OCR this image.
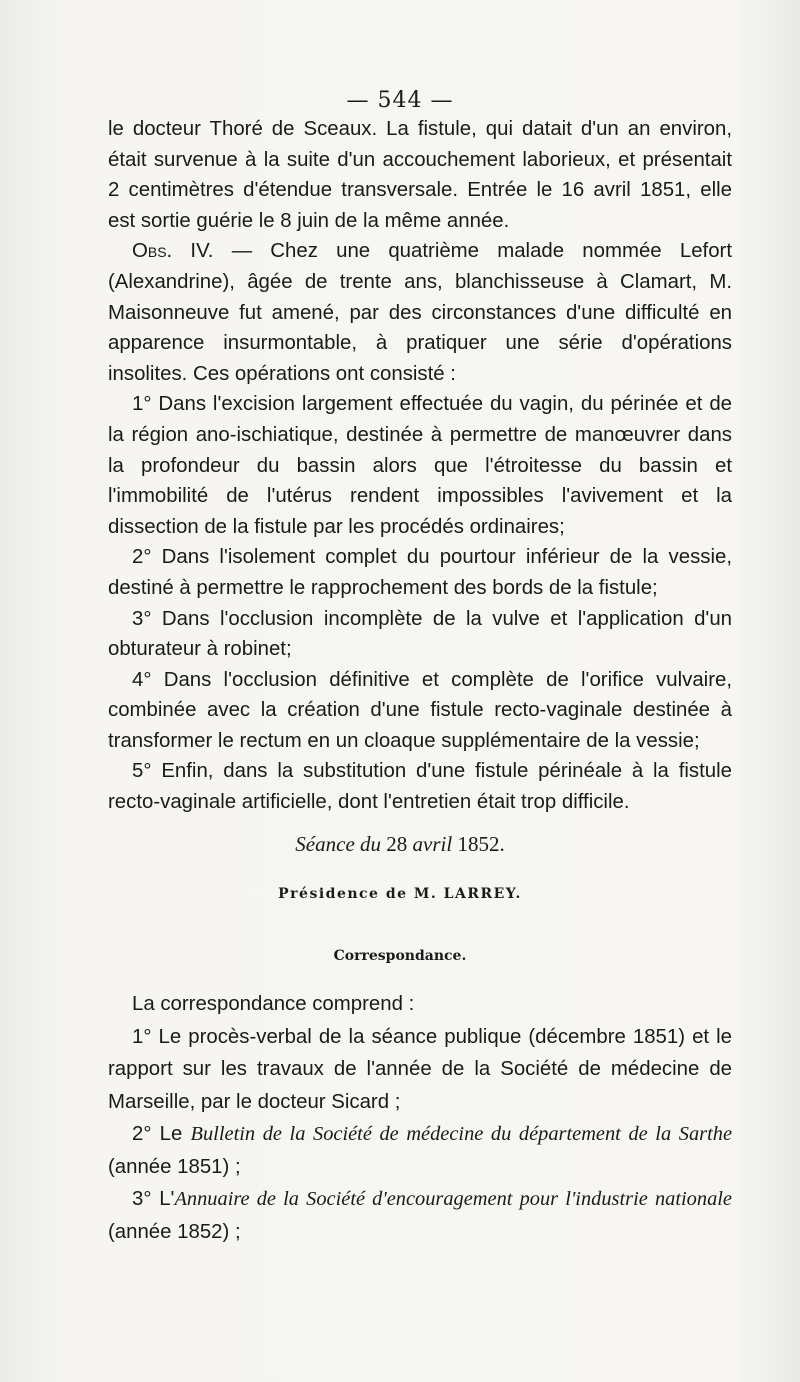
— 544 —

le docteur Thoré de Sceaux. La fistule, qui datait d'un an environ, était survenue à la suite d'un accouchement laborieux, et présentait 2 centimètres d'étendue transversale. Entrée le 16 avril 1851, elle est sortie guérie le 8 juin de la même année.

Obs. IV. — Chez une quatrième malade nommée Lefort (Alexandrine), âgée de trente ans, blanchisseuse à Clamart, M. Maisonneuve fut amené, par des circonstances d'une difficulté en apparence insurmontable, à pratiquer une série d'opérations insolites. Ces opérations ont consisté :

1° Dans l'excision largement effectuée du vagin, du périnée et de la région ano-ischiatique, destinée à permettre de manœuvrer dans la profondeur du bassin alors que l'étroitesse du bassin et l'immobilité de l'utérus rendent impossibles l'avivement et la dissection de la fistule par les procédés ordinaires;

2° Dans l'isolement complet du pourtour inférieur de la vessie, destiné à permettre le rapprochement des bords de la fistule;

3° Dans l'occlusion incomplète de la vulve et l'application d'un obturateur à robinet;

4° Dans l'occlusion définitive et complète de l'orifice vulvaire, combinée avec la création d'une fistule recto-vaginale destinée à transformer le rectum en un cloaque supplémentaire de la vessie;

5° Enfin, dans la substitution d'une fistule périnéale à la fistule recto-vaginale artificielle, dont l'entretien était trop difficile.

Séance du 28 avril 1852.
Présidence de M. LARREY.
Correspondance.

La correspondance comprend :

1° Le procès-verbal de la séance publique (décembre 1851) et le rapport sur les travaux de l'année de la Société de médecine de Marseille, par le docteur Sicard ;

2° Le Bulletin de la Société de médecine du département de la Sarthe (année 1851) ;

3° L'Annuaire de la Société d'encouragement pour l'industrie nationale (année 1852) ;
